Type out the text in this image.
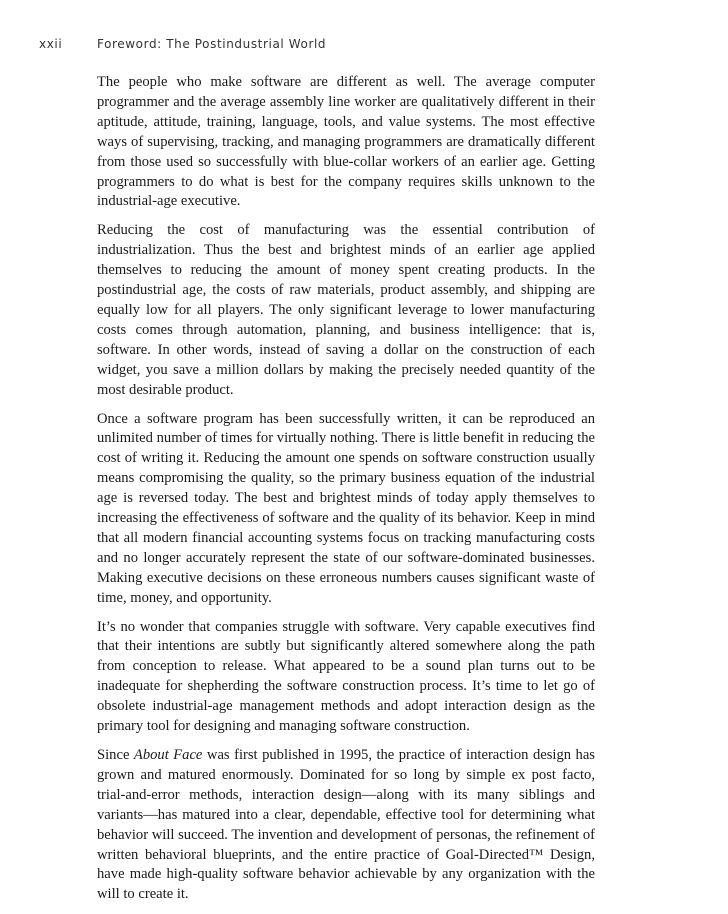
xxii	Foreword: The Postindustrial World

The people who make software are different as well. The average computer programmer and the average assembly line worker are qualitatively different in their aptitude, attitude, training, language, tools, and value systems. The most effective ways of supervising, tracking, and managing programmers are dramatically different from those used so successfully with blue-collar workers of an earlier age. Getting programmers to do what is best for the company requires skills unknown to the industrial-age executive.

Reducing the cost of manufacturing was the essential contribution of industrialization. Thus the best and brightest minds of an earlier age applied themselves to reducing the amount of money spent creating products. In the postindustrial age, the costs of raw materials, product assembly, and shipping are equally low for all players. The only significant leverage to lower manufacturing costs comes through automation, planning, and business intelligence: that is, software. In other words, instead of saving a dollar on the construction of each widget, you save a million dollars by making the precisely needed quantity of the most desirable product.

Once a software program has been successfully written, it can be reproduced an unlimited number of times for virtually nothing. There is little benefit in reducing the cost of writing it. Reducing the amount one spends on software construction usually means compromising the quality, so the primary business equation of the industrial age is reversed today. The best and brightest minds of today apply themselves to increasing the effectiveness of software and the quality of its behavior. Keep in mind that all modern financial accounting systems focus on tracking manufacturing costs and no longer accurately represent the state of our software-dominated businesses. Making executive decisions on these erroneous numbers causes significant waste of time, money, and opportunity.

It’s no wonder that companies struggle with software. Very capable executives find that their intentions are subtly but significantly altered somewhere along the path from conception to release. What appeared to be a sound plan turns out to be inadequate for shepherding the software construction process. It’s time to let go of obsolete industrial-age management methods and adopt interaction design as the primary tool for designing and managing software construction.

Since About Face was first published in 1995, the practice of interaction design has grown and matured enormously. Dominated for so long by simple ex post facto, trial-and-error methods, interaction design—along with its many siblings and variants—has matured into a clear, dependable, effective tool for determining what behavior will succeed. The invention and development of personas, the refinement of written behavioral blueprints, and the entire practice of Goal-Directed™ Design, have made high-quality software behavior achievable by any organization with the will to create it.
